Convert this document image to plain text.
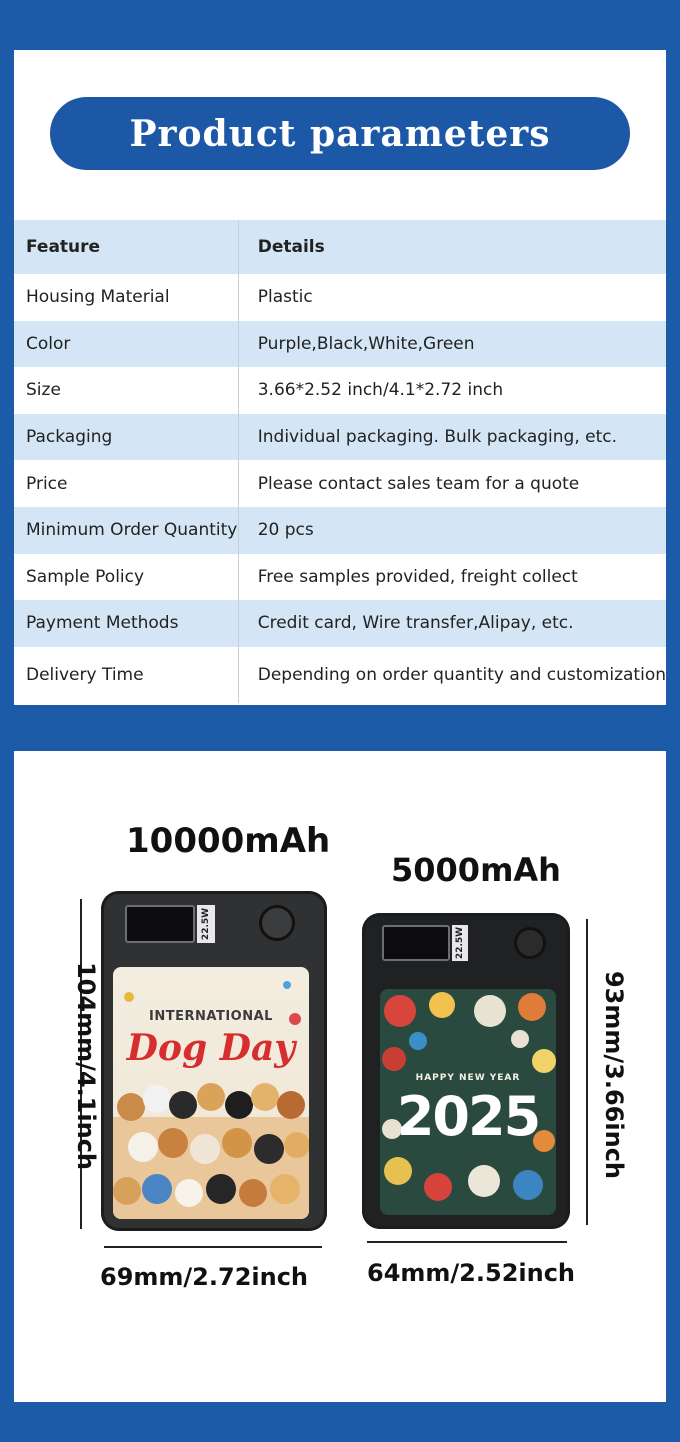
Product parameters
Feature	Details
Housing Material	Plastic
Color	Purple,Black,White,Green
Size	3.66*2.52 inch/4.1*2.72 inch
Packaging	Individual packaging. Bulk packaging, etc.
Price	Please contact sales team for a quote
Minimum Order Quantity	20 pcs
Sample Policy	Free samples provided, freight collect
Payment Methods	Credit card, Wire transfer,Alipay, etc.
Delivery Time	Depending on order quantity and customization
10000mAh
104mm/4.1inch
22.5W
INTERNATIONAL
Dog Day
69mm/2.72inch
5000mAh
22.5W
HAPPY NEW YEAR
2025	93mm/3.66inch
64mm/2.52inch
